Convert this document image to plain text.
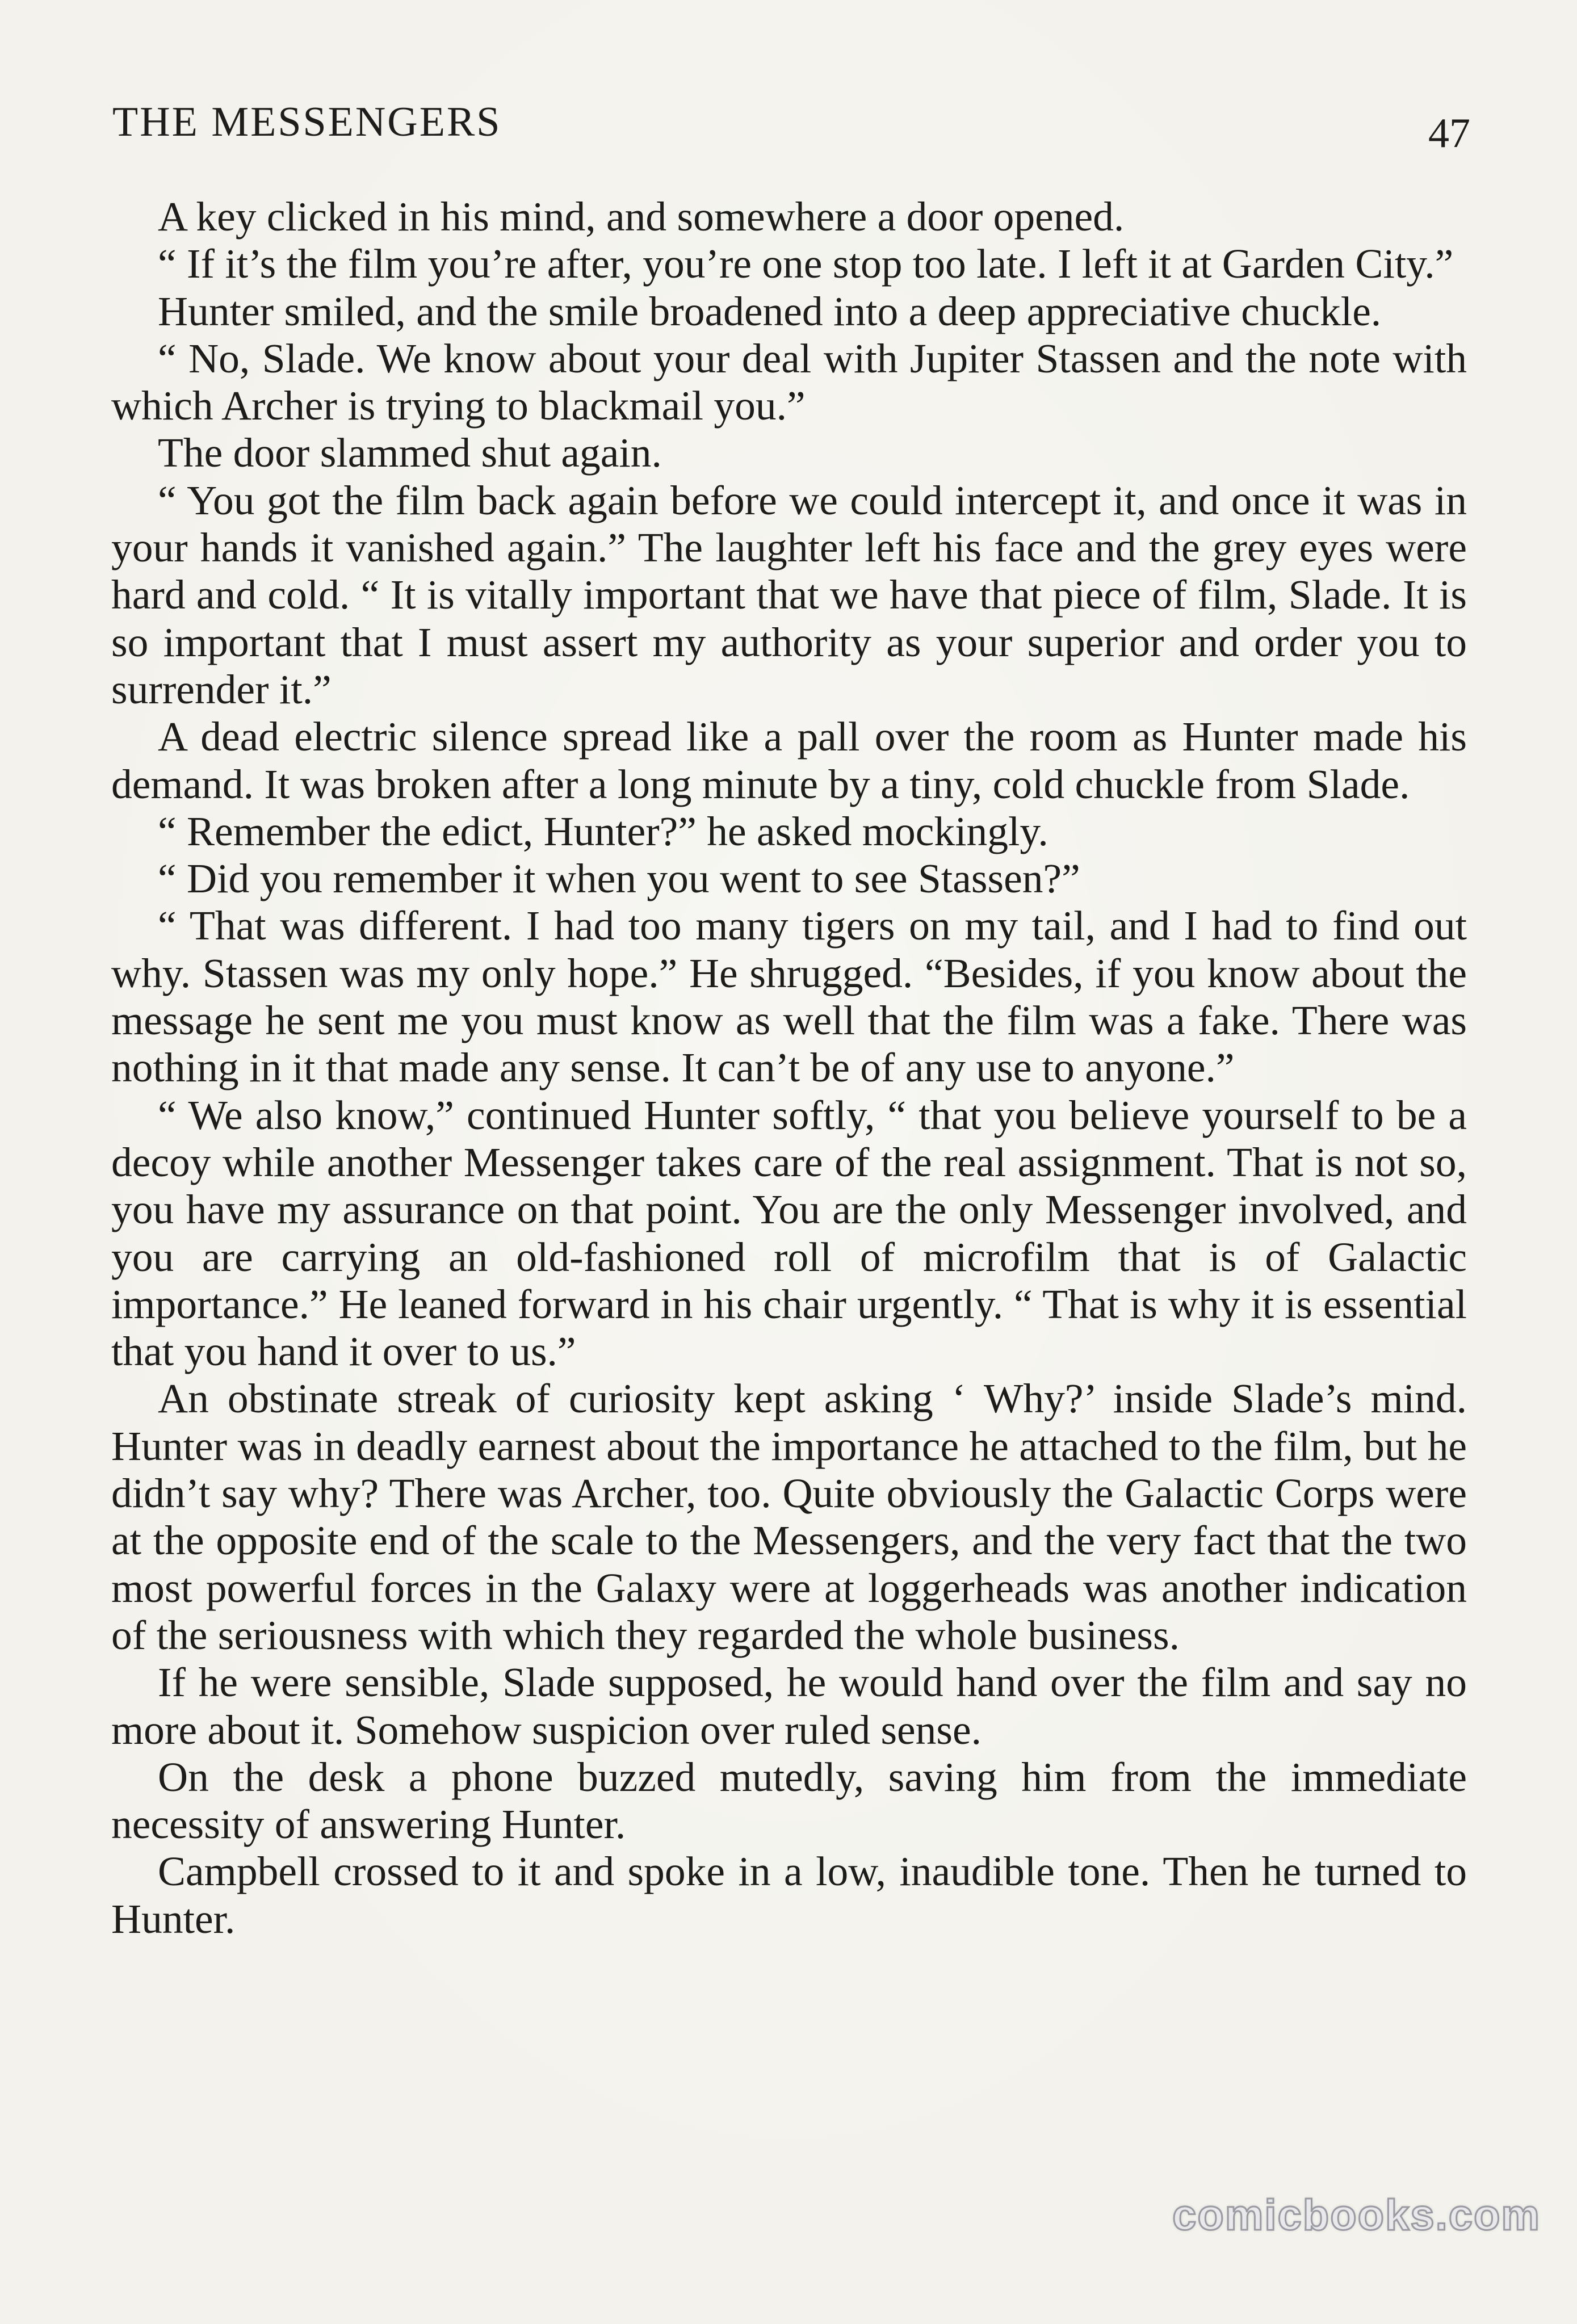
THE MESSENGERS	47

A key clicked in his mind, and somewhere a door opened.

“ If it’s the film you’re after, you’re one stop too late. I left it at Garden City.”

Hunter smiled, and the smile broadened into a deep appreciative chuckle.

“ No, Slade. We know about your deal with Jupiter Stassen and the note with which Archer is trying to blackmail you.”

The door slammed shut again.

“ You got the film back again before we could intercept it, and once it was in your hands it vanished again.” The laughter left his face and the grey eyes were hard and cold. “ It is vitally important that we have that piece of film, Slade. It is so important that I must assert my authority as your superior and order you to surrender it.”

A dead electric silence spread like a pall over the room as Hunter made his demand. It was broken after a long minute by a tiny, cold chuckle from Slade.

“ Remember the edict, Hunter?” he asked mockingly.

“ Did you remember it when you went to see Stassen?”

“ That was different. I had too many tigers on my tail, and I had to find out why. Stassen was my only hope.” He shrugged. “Besides, if you know about the message he sent me you must know as well that the film was a fake. There was nothing in it that made any sense. It can’t be of any use to anyone.”

“ We also know,” continued Hunter softly, “ that you believe yourself to be a decoy while another Messenger takes care of the real assignment. That is not so, you have my assurance on that point. You are the only Messenger involved, and you are carrying an old-fashioned roll of microfilm that is of Galactic importance.” He leaned forward in his chair urgently. “ That is why it is essential that you hand it over to us.”

An obstinate streak of curiosity kept asking ‘ Why?’ inside Slade’s mind. Hunter was in deadly earnest about the importance he attached to the film, but he didn’t say why? There was Archer, too. Quite obviously the Galactic Corps were at the opposite end of the scale to the Messengers, and the very fact that the two most powerful forces in the Galaxy were at loggerheads was another indication of the seriousness with which they regarded the whole business.

If he were sensible, Slade supposed, he would hand over the film and say no more about it. Somehow suspicion over ruled sense.

On the desk a phone buzzed mutedly, saving him from the immediate necessity of answering Hunter.

Campbell crossed to it and spoke in a low, inaudible tone. Then he turned to Hunter.

comicbooks.com
